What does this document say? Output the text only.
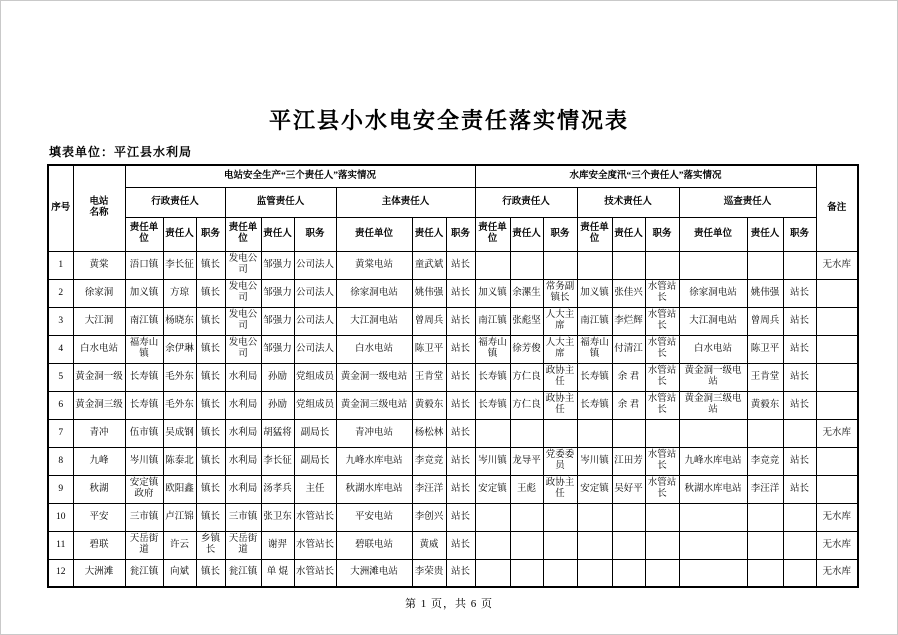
平江县小水电安全责任落实情况表
填表单位：平江县水利局
序号	电站名称	电站安全生产“三个责任人”落实情况									水库安全度汛“三个责任人”落实情况									备注
		行政责任人			监管责任人			主体责任人			行政责任人			技术责任人			巡查责任人			
		责任单位	责任人	职务	责任单位	责任人	职务	责任单位	责任人	职务	责任单位	责任人	职务	责任单位	责任人	职务	责任单位	责任人	职务	
1	黄棠	浯口镇	李长征	镇长	发电公司	邹强力	公司法人	黄棠电站	童武斌	站长										无水库
2	徐家洞	加义镇	方琼	镇长	发电公司	邹强力	公司法人	徐家洞电站	姚伟强	站长	加义镇	余漯生	常务副镇长	加义镇	张佳兴	水管站长	徐家洞电站	姚伟强	站长	
3	大江洞	南江镇	杨晓东	镇长	发电公司	邹强力	公司法人	大江洞电站	曾周兵	站长	南江镇	张彪坚	人大主席	南江镇	李烂辉	水管站长	大江洞电站	曾周兵	站长	
4	白水电站	福寿山镇	余伊琳	镇长	发电公司	邹强力	公司法人	白水电站	陈卫平	站长	福寿山镇	徐芳俊	人大主席	福寿山镇	付清江	水管站长	白水电站	陈卫平	站长	
5	黄金洞一级	长寿镇	毛外东	镇长	水利局	孙励	党组成员	黄金洞一级电站	王肯堂	站长	长寿镇	方仁良	政协主任	长寿镇	余 君	水管站长	黄金洞一级电站	王肯堂	站长	
6	黄金洞三级	长寿镇	毛外东	镇长	水利局	孙励	党组成员	黄金洞三级电站	黄毅东	站长	长寿镇	方仁良	政协主任	长寿镇	余 君	水管站长	黄金洞三级电站	黄毅东	站长	
7	青冲	伍市镇	吴成钢	镇长	水利局	胡猛将	副局长	青冲电站	杨松林	站长										无水库
8	九峰	岑川镇	陈泰北	镇长	水利局	李长征	副局长	九峰水库电站	李竞竞	站长	岑川镇	龙导平	党委委员	岑川镇	江田芳	水管站长	九峰水库电站	李竞竞	站长	
9	秋湖	安定镇政府	欧阳鑫	镇长	水利局	汤孝兵	主任	秋湖水库电站	李汪洋	站长	安定镇	王彪	政协主任	安定镇	吴好平	水管站长	秋湖水库电站	李汪洋	站长	
10	平安	三市镇	卢江锦	镇长	三市镇	张卫东	水管站长	平安电站	李创兴	站长										无水库
11	碧联	天岳街道	许云	乡镇长	天岳街道	谢羿	水管站长	碧联电站	黄威	站长										无水库
12	大洲滩	瓮江镇	向斌	镇长	瓮江镇	单 焜	水管站长	大洲滩电站	李荣贵	站长										无水库
第 1 页，共 6 页
